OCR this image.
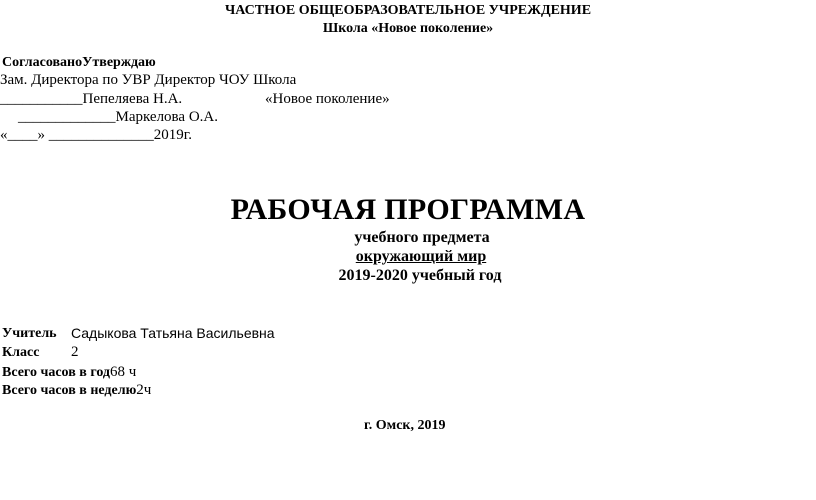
ЧАСТНОЕ ОБЩЕОБРАЗОВАТЕЛЬНОЕ УЧРЕЖДЕНИЕ
Школа «Новое поколение»
СогласованоУтверждаю
Зам. Директора по УВР Директор ЧОУ Школа
___________Пепеляева Н.А.	«Новое поколение»
_____________Маркелова О.А.
«____» ______________2019г.
РАБОЧАЯ ПРОГРАММА
учебного предмета
окружающий мир
2019-2020 учебный год
Учитель Садыкова Татьяна Васильевна
Класс 2
Всего часов в год68 ч
Всего часов в неделю2ч
г. Омск, 2019
